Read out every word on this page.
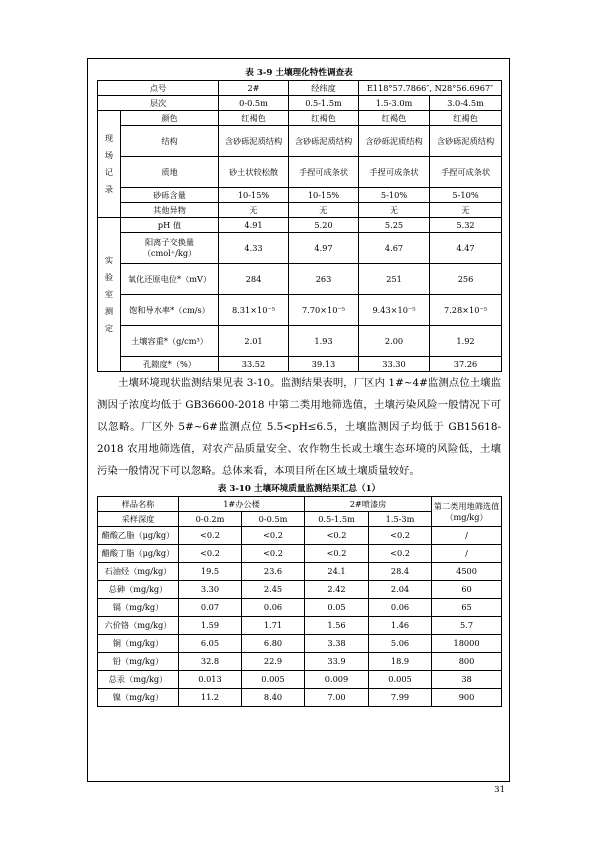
表 3-9 土壤理化特性调查表
点号		2#	经纬度	E118°57.7866″, N28°56.6967″	
层次		0-0.5m	0.5-1.5m	1.5-3.0m	3.0-4.5m
现
场
记
录	颜色	红褐色	红褐色	红褐色	红褐色
	结构	含砂砾泥质结构	含砂砾泥质结构	含砂砾泥质结构	含砂砾泥质结构
	质地	砂土状较松散	手捏可成条状	手捏可成条状	手捏可成条状
	砂砾含量	10-15%	10-15%	5-10%	5-10%
	其他异物	无	无	无	无
实
验
室
测
定	pH 值	4.91	5.20	5.25	5.32
	阳离子交换量（cmol⁺/kg）	4.33	4.97	4.67	4.47
	氧化还原电位*（mV）	284	263	251	256
	饱和导水率*（cm/s）	8.31×10⁻⁵	7.70×10⁻⁵	9.43×10⁻⁵	7.28×10⁻⁵
	土壤容重*（g/cm³）	2.01	1.93	2.00	1.92
	孔隙度*（%）	33.52	39.13	33.30	37.26

土壤环境现状监测结果见表 3-10。监测结果表明，厂区内 1#~4#监测点位土壤监测因子浓度均低于 GB36600-2018 中第二类用地筛选值，土壤污染风险一般情况下可以忽略。厂区外 5#~6#监测点位 5.5<pH≤6.5，土壤监测因子均低于 GB15618-2018 农用地筛选值，对农产品质量安全、农作物生长或土壤生态环境的风险低，土壤污染一般情况下可以忽略。总体来看，本项目所在区域土壤质量较好。

表 3-10 土壤环境质量监测结果汇总（1）
样品名称	1#办公楼		2#喷漆房		第二类用地筛选值（mg/kg）
采样深度	0-0.2m	0-0.5m	0.5-1.5m	1.5-3m	
醋酸乙脂（μg/kg）	<0.2	<0.2	<0.2	<0.2	/
醋酸丁脂（μg/kg）	<0.2	<0.2	<0.2	<0.2	/
石油烃（mg/kg）	19.5	23.6	24.1	28.4	4500
总砷（mg/kg）	3.30	2.45	2.42	2.04	60
镉（mg/kg）	0.07	0.06	0.05	0.06	65
六价铬（mg/kg）	1.59	1.71	1.56	1.46	5.7
铜（mg/kg）	6.05	6.80	3.38	5.06	18000
铅（mg/kg）	32.8	22.9	33.9	18.9	800
总汞（mg/kg）	0.013	0.005	0.009	0.005	38
镍（mg/kg）	11.2	8.40	7.00	7.99	900
31
